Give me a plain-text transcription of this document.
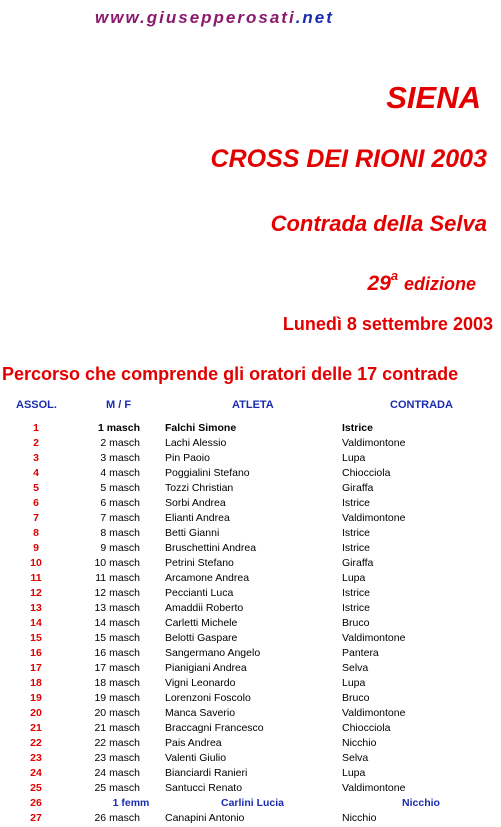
www.giusepperosati.net
SIENA
CROSS DEI RIONI 2003
Contrada della Selva
29$^a$ edizione
Lunedì 8 settembre 2003
Percorso che comprende gli oratori delle 17 contrade
ASSOL.	M / F	ATLETA	CONTRADA
1	1 masch Falchi Simone	Istrice
2	2 masch Lachi Alessio	Valdimontone
3	3 masch Pin Paoio	Lupa
4	4 masch Poggialini Stefano	Chiocciola
5	5 masch Tozzi Christian	Giraffa
6	6 masch Sorbi Andrea	Istrice
7	7 masch Elianti Andrea	Valdimontone
8	8 masch Betti Gianni	Istrice
9	9 masch Bruschettini Andrea	Istrice
10	10 masch Petrini Stefano	Giraffa
11	11 masch Arcamone Andrea	Lupa
12	12 masch Peccianti Luca	Istrice
13	13 masch Amaddii Roberto	Istrice
14	14 masch Carletti Michele	Bruco
15	15 masch Belotti Gaspare	Valdimontone
16	16 masch Sangermano Angelo	Pantera
17	17 masch Pianigiani Andrea	Selva
18	18 masch Vigni Leonardo	Lupa
19	19 masch Lorenzoni Foscolo	Bruco
20	20 masch Manca Saverio	Valdimontone
21	21 masch Braccagni Francesco	Chiocciola
22	22 masch Pais Andrea	Nicchio
23	23 masch Valenti Giulio	Selva
24	24 masch Bianciardi Ranieri	Lupa
25	25 masch Santucci Renato	Valdimontone
26	1 femm	Carlini Lucia	Nicchio
27	26 masch Canapini Antonio	Nicchio
